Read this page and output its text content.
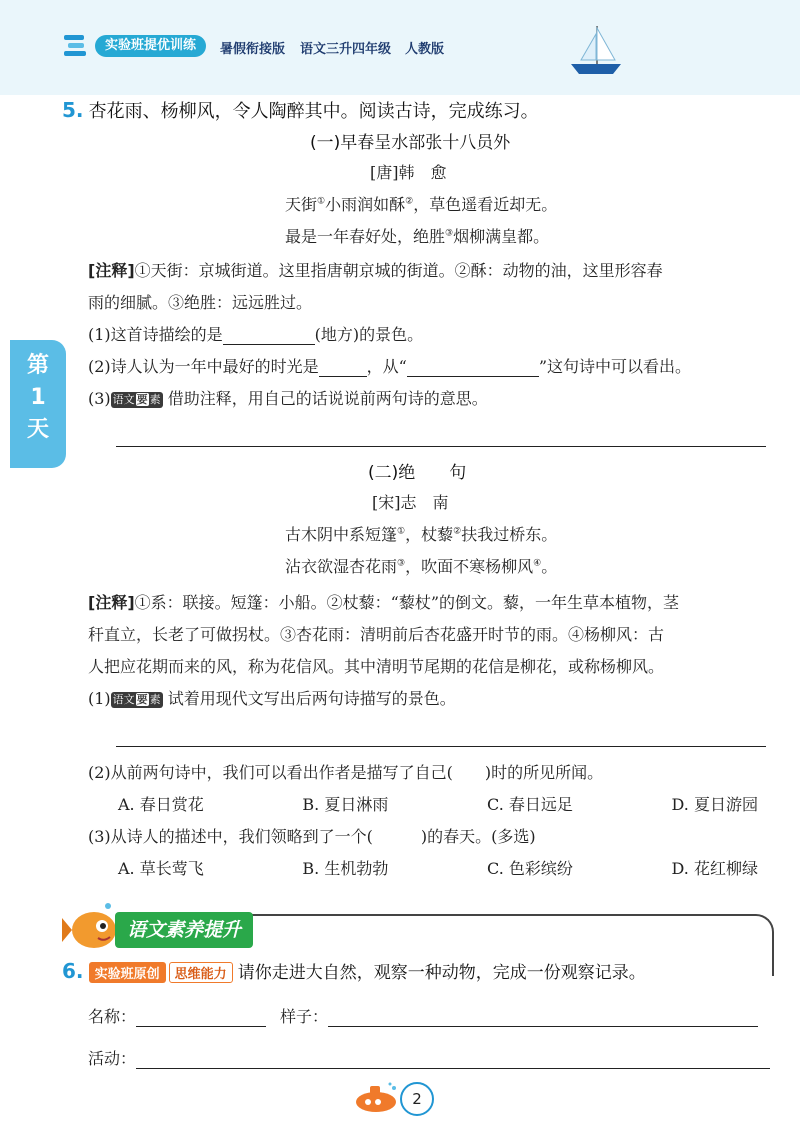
实验班提优训练	暑假衔接版 语文三升四年级 人教版
第
1
天
5. 杏花雨、杨柳风，令人陶醉其中。阅读古诗，完成练习。
(一)早春呈水部张十八员外
[唐]韩　愈
天街①小雨润如酥②，草色遥看近却无。
最是一年春好处，绝胜③烟柳满皇都。
[注释]①天街：京城街道。这里指唐朝京城的街道。②酥：动物的油，这里形容春
雨的细腻。③绝胜：远远胜过。
(1)这首诗描绘的是	(地方)的景色。
(2)诗人认为一年中最好的时光是	，从“	”这句诗中可以看出。
(3) 语文 要 素 借助注释，用自己的话说说前两句诗的意思。
(二)绝　　句
[宋]志　南
古木阴中系短篷①，杖藜②扶我过桥东。
沾衣欲湿杏花雨③，吹面不寒杨柳风④。
[注释]①系：联接。短篷：小船。②杖藜：“藜杖”的倒文。藜，一年生草本植物，茎
秆直立，长老了可做拐杖。③杏花雨：清明前后杏花盛开时节的雨。④杨柳风：古
人把应花期而来的风，称为花信风。其中清明节尾期的花信是柳花，或称杨柳风。
(1) 语文 要 素 试着用现代文写出后两句诗描写的景色。
(2)从前两句诗中，我们可以看出作者是描写了自己(　　)时的所见所闻。
A. 春日赏花	B. 夏日淋雨	C. 春日远足	D. 夏日游园
(3)从诗人的描述中，我们领略到了一个(　　　)的春天。(多选)
A. 草长莺飞	B. 生机勃勃	C. 色彩缤纷	D. 花红柳绿
语文素养提升
6. 实验班原创 思维能力 请你走进大自然，观察一种动物，完成一份观察记录。
名称：	样子：
活动：
2
